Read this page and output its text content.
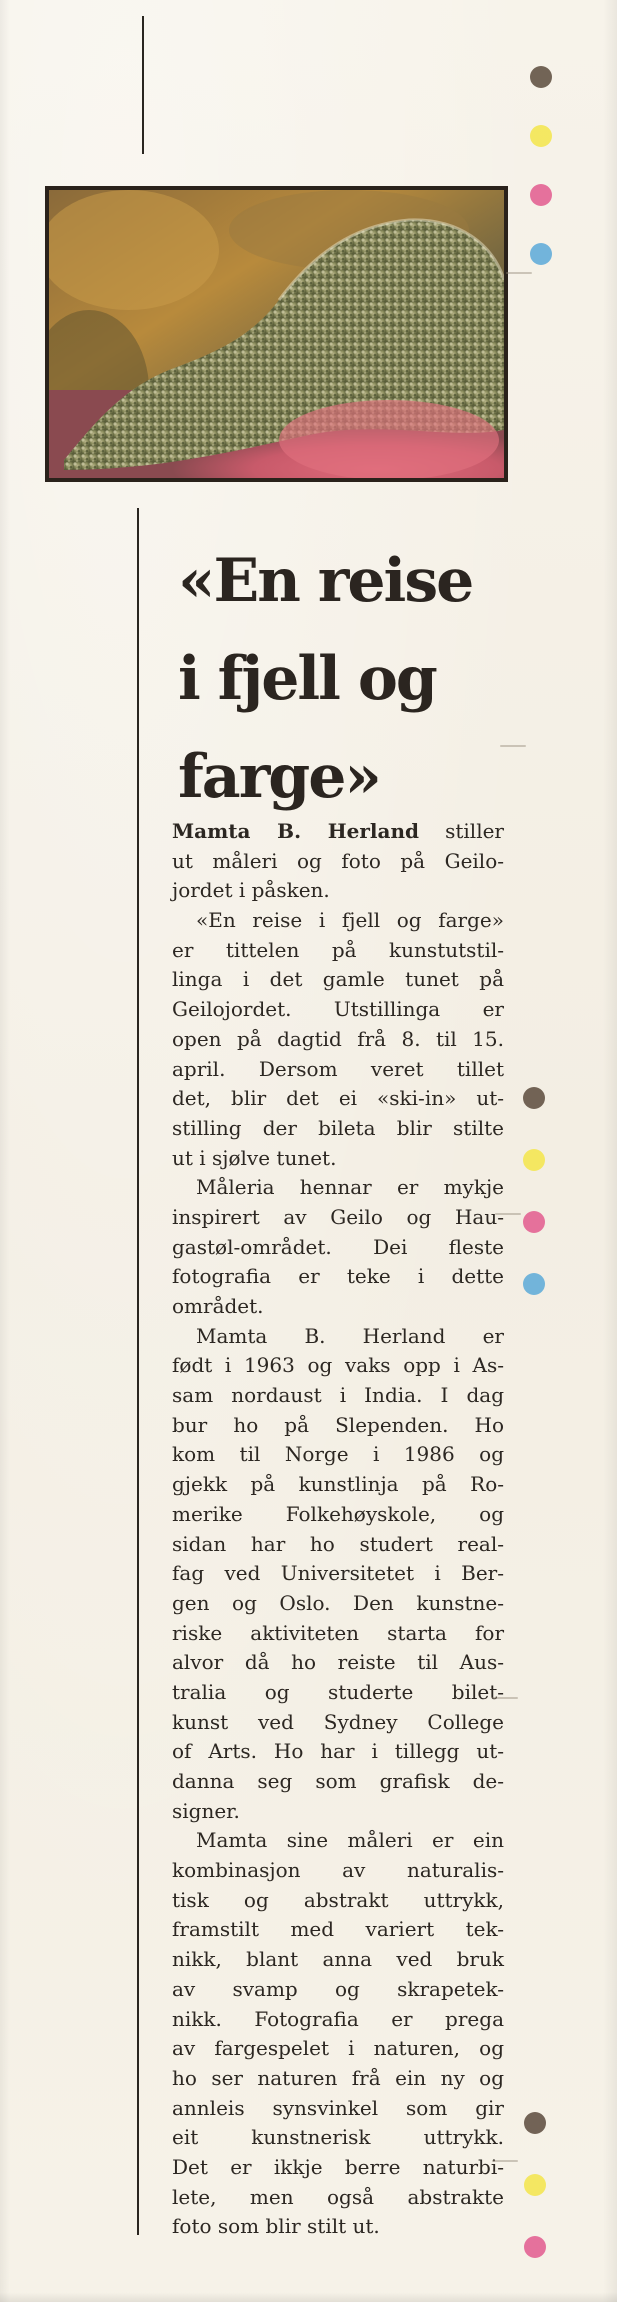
«En reise
i fjell og
farge»
Mamta B. Herland stiller
ut måleri og foto på Geilo-
jordet i påsken.
«En reise i fjell og farge»
er tittelen på kunstutstil-
linga i det gamle tunet på
Geilojordet. Utstillinga er
open på dagtid frå 8. til 15.
april. Dersom veret tillet
det, blir det ei «ski-in» ut-
stilling der bileta blir stilte
ut i sjølve tunet.
Måleria hennar er mykje
inspirert av Geilo og Hau-
gastøl-området. Dei fleste
fotografia er teke i dette
området.
Mamta B. Herland er
født i 1963 og vaks opp i As-
sam nordaust i India. I dag
bur ho på Slependen. Ho
kom til Norge i 1986 og
gjekk på kunstlinja på Ro-
merike Folkehøyskole, og
sidan har ho studert real-
fag ved Universitetet i Ber-
gen og Oslo. Den kunstne-
riske aktiviteten starta for
alvor då ho reiste til Aus-
tralia og studerte bilet-
kunst ved Sydney College
of Arts. Ho har i tillegg ut-
danna seg som grafisk de-
signer.
Mamta sine måleri er ein
kombinasjon av naturalis-
tisk og abstrakt uttrykk,
framstilt med variert tek-
nikk, blant anna ved bruk
av svamp og skrapetek-
nikk. Fotografia er prega
av fargespelet i naturen, og
ho ser naturen frå ein ny og
annleis synsvinkel som gir
eit kunstnerisk uttrykk.
Det er ikkje berre naturbi-
lete, men også abstrakte
foto som blir stilt ut.
